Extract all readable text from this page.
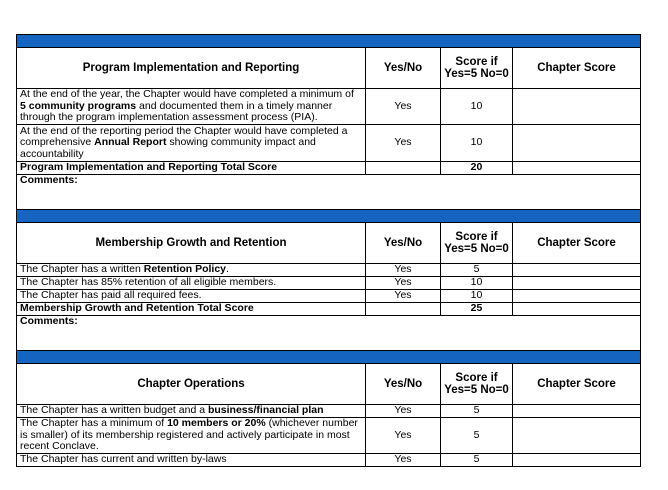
Program Implementation and Reporting	Yes/No	Score if Yes=5 No=0	Chapter Score
At the end of the year, the Chapter would have completed a minimum of 5 community programs and documented them in a timely manner through the program implementation assessment process (PIA).	Yes	10	
At the end of the reporting period the Chapter would have completed a comprehensive Annual Report showing community impact and accountability	Yes	10	
Program Implementation and Reporting Total Score		20	
Comments:			

Membership Growth and Retention	Yes/No	Score if Yes=5 No=0	Chapter Score
The Chapter has a written Retention Policy.	Yes	5	
The Chapter has 85% retention of all eligible members.	Yes	10	
The Chapter has paid all required fees.	Yes	10	
Membership Growth and Retention Total Score		25	
Comments:			

Chapter Operations	Yes/No	Score if Yes=5 No=0	Chapter Score
The Chapter has a written budget and a business/financial plan	Yes	5	
The Chapter has a minimum of 10 members or 20% (whichever number is smaller) of its membership registered and actively participate in most recent Conclave.	Yes	5	
The Chapter has current and written by-laws	Yes	5	
